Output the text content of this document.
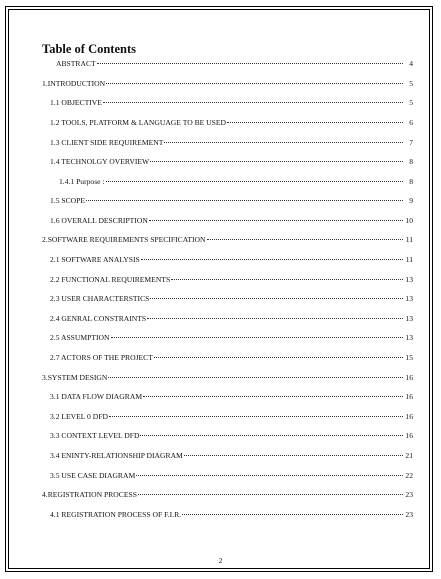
Table of Contents
ABSTRACT	4
1.INTRODUCTION	5
1.1 OBJECTIVE	5
1.2 TOOLS, PLATFORM & LANGUAGE TO BE USED	6
1.3 CLIENT SIDE REQUIREMENT	7
1.4 TECHNOLGY OVERVIEW	8
1.4.1 Purpose :	8
1.5 SCOPE	9
1.6 OVERALL DESCRIPTION	10
2.SOFTWARE REQUIREMENTS SPECIFICATION	11
2.1 SOFTWARE ANALYSIS	11
2.2 FUNCTIONAL REQUIREMENTS	13
2.3 USER CHARACTERSTICS	13
2.4 GENRAL CONSTRAINTS	13
2.5 ASSUMPTION	13
2.7 ACTORS OF THE PROJECT	15
3.SYSTEM DESIGN	16
3.1 DATA FLOW DIAGRAM	16
3.2 LEVEL 0 DFD	16
3.3 CONTEXT LEVEL DFD	16
3.4 ENINTY-RELATIONSHIP DIAGRAM	21
3.5 USE CASE DIAGRAM	22
4.REGISTRATION PROCESS	23
4.1 REGISTRATION PROCESS OF F.I.R.	23
2
